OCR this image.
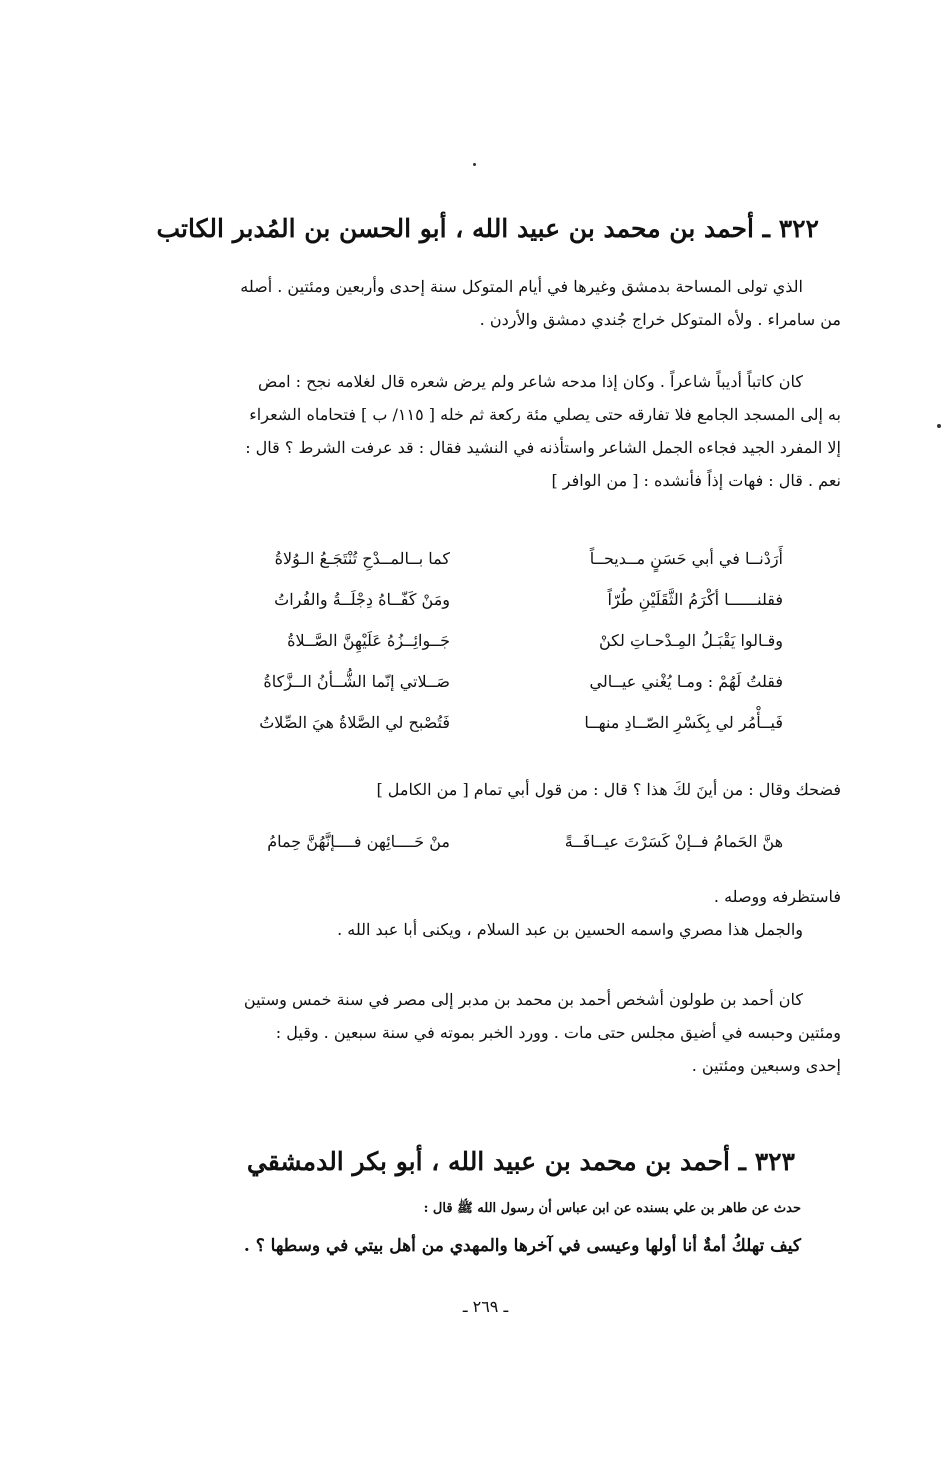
٣٢٢ ـ أحمد بن محمد بن عبيد الله ، أبو الحسن بن المُدبر الكاتب
الذي تولى المساحة بدمشق وغيرها في أيام المتوكل سنة إحدى وأربعين ومئتين . أصله
من سامراء . ولأه المتوكل خراج جُندي دمشق والأردن .
كان كاتباً أديباً شاعراً . وكان إذا مدحه شاعر ولم يرض شعره قال لغلامه نجح : امض
به إلى المسجد الجامع فلا تفارقه حتى يصلي مئة ركعة ثم خله [ ١١٥/ ب ] فتحاماه الشعراء
إلا المفرد الجيد فجاءه الجمل الشاعر واستأذنه في النشيد فقال : قد عرفت الشرط ؟ قال :
نعم . قال : فهات إذاً فأنشده : [ من الوافر ]
أَرَدْنــا في أبي حَسَنٍ مــديحــاً
كما بــالمــدْحِ تُنْتَجَـعُ الـوُلاةُ
فقلنــــــا أكْرَمُ الثَّقَلَيْنِ طُرّاً
ومَنْ كَفّــاهُ دِجْلَــةُ والفُراتُ
وقـالوا يَقْبَـلُ المِـدْحـاتِ لكنْ
جَــوائِــزُهُ عَلَيْهِنَّ الصَّــلاةُ
فقلتُ لَهُمْ : ومـا يُغْني عيــالي
صَــلاتي إنّما الشُّــأنُ الــزَّكاةُ
فَيــأْمُر لي بِكَسْرِ الصّــادِ منهــا
فَتُصْبح لي الصَّلاةُ هيَ الصِّلاتُ
فضحك وقال : من أينَ لكَ هذا ؟ قال : من قول أبي تمام [ من الكامل ]
هنَّ الحَمامُ فــإنْ كَسَرْتَ عيــافَــةً
منْ حَــــائِهن فــــإنَّهُنَّ حِمامُ
فاستظرفه ووصله .
والجمل هذا مصري واسمه الحسين بن عبد السلام ، ويكنى أبا عبد الله .
كان أحمد بن طولون أشخص أحمد بن محمد بن مدبر إلى مصر في سنة خمس وستين
ومئتين وحبسه في أضيق مجلس حتى مات . وورد الخبر بموته في سنة سبعين . وقيل :
إحدى وسبعين ومئتين .
٣٢٣ ـ أحمد بن محمد بن عبيد الله ، أبو بكر الدمشقي
حدث عن طاهر بن علي بسنده عن ابن عباس أن رسول الله ﷺ قال :
كيف تهلكُ أمةٌ أنا أولها وعيسى في آخرها والمهدي من أهل بيتي في وسطها ؟ .
ـ ٢٦٩ ـ
